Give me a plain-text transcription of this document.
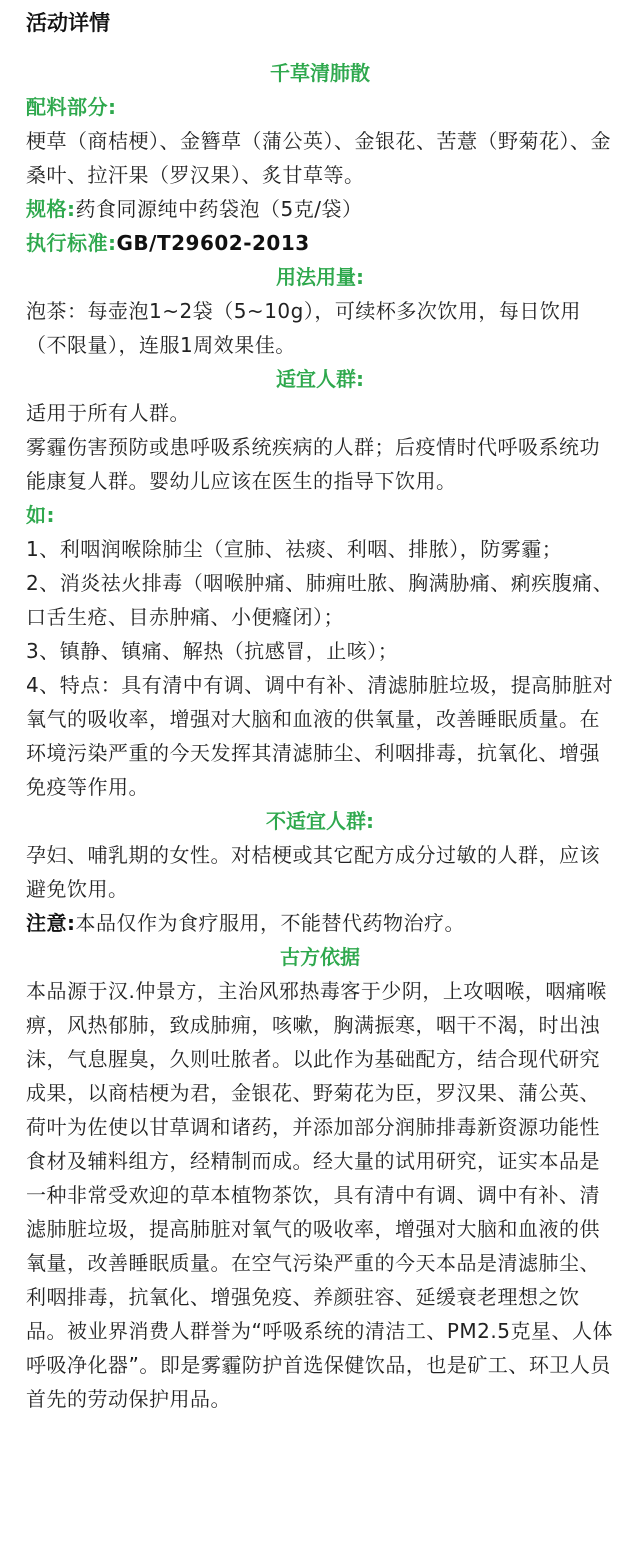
活动详情
千草清肺散

配料部分:

梗草（商桔梗）、金簪草（蒲公英）、金银花、苦薏（野菊花）、金桑叶、拉汗果（罗汉果）、炙甘草等。

规格:药食同源纯中药袋泡（5克/袋）

执行标准:GB/T29602-2013

用法用量:

泡茶：每壶泡1~2袋（5~10g），可续杯多次饮用，每日饮用（不限量），连服1周效果佳。

适宜人群:

适用于所有人群。

雾霾伤害预防或患呼吸系统疾病的人群；后疫情时代呼吸系统功能康复人群。婴幼儿应该在医生的指导下饮用。

如:

1、利咽润喉除肺尘（宣肺、祛痰、利咽、排脓），防雾霾；

2、消炎祛火排毒（咽喉肿痛、肺痈吐脓、胸满胁痛、痢疾腹痛、口舌生疮、目赤肿痛、小便癃闭）；

3、镇静、镇痛、解热（抗感冒，止咳）；

4、特点：具有清中有调、调中有补、清滤肺脏垃圾，提高肺脏对氧气的吸收率，增强对大脑和血液的供氧量，改善睡眠质量。在环境污染严重的今天发挥其清滤肺尘、利咽排毒，抗氧化、增强免疫等作用。

不适宜人群:

孕妇、哺乳期的女性。对桔梗或其它配方成分过敏的人群，应该避免饮用。

注意:本品仅作为食疗服用，不能替代药物治疗。

古方依据

本品源于汉.仲景方，主治风邪热毒客于少阴，上攻咽喉，咽痛喉痹，风热郁肺，致成肺痈，咳嗽，胸满振寒，咽干不渴，时出浊沫，气息腥臭，久则吐脓者。以此作为基础配方，结合现代研究成果，以商桔梗为君，金银花、野菊花为臣，罗汉果、蒲公英、荷叶为佐使以甘草调和诸药，并添加部分润肺排毒新资源功能性食材及辅料组方，经精制而成。经大量的试用研究，证实本品是一种非常受欢迎的草本植物茶饮，具有清中有调、调中有补、清滤肺脏垃圾，提高肺脏对氧气的吸收率，增强对大脑和血液的供氧量，改善睡眠质量。在空气污染严重的今天本品是清滤肺尘、利咽排毒，抗氧化、增强免疫、养颜驻容、延缓衰老理想之饮品。被业界消费人群誉为“呼吸系统的清洁工、PM2.5克星、人体呼吸净化器”。即是雾霾防护首选保健饮品，也是矿工、环卫人员首先的劳动保护用品。
